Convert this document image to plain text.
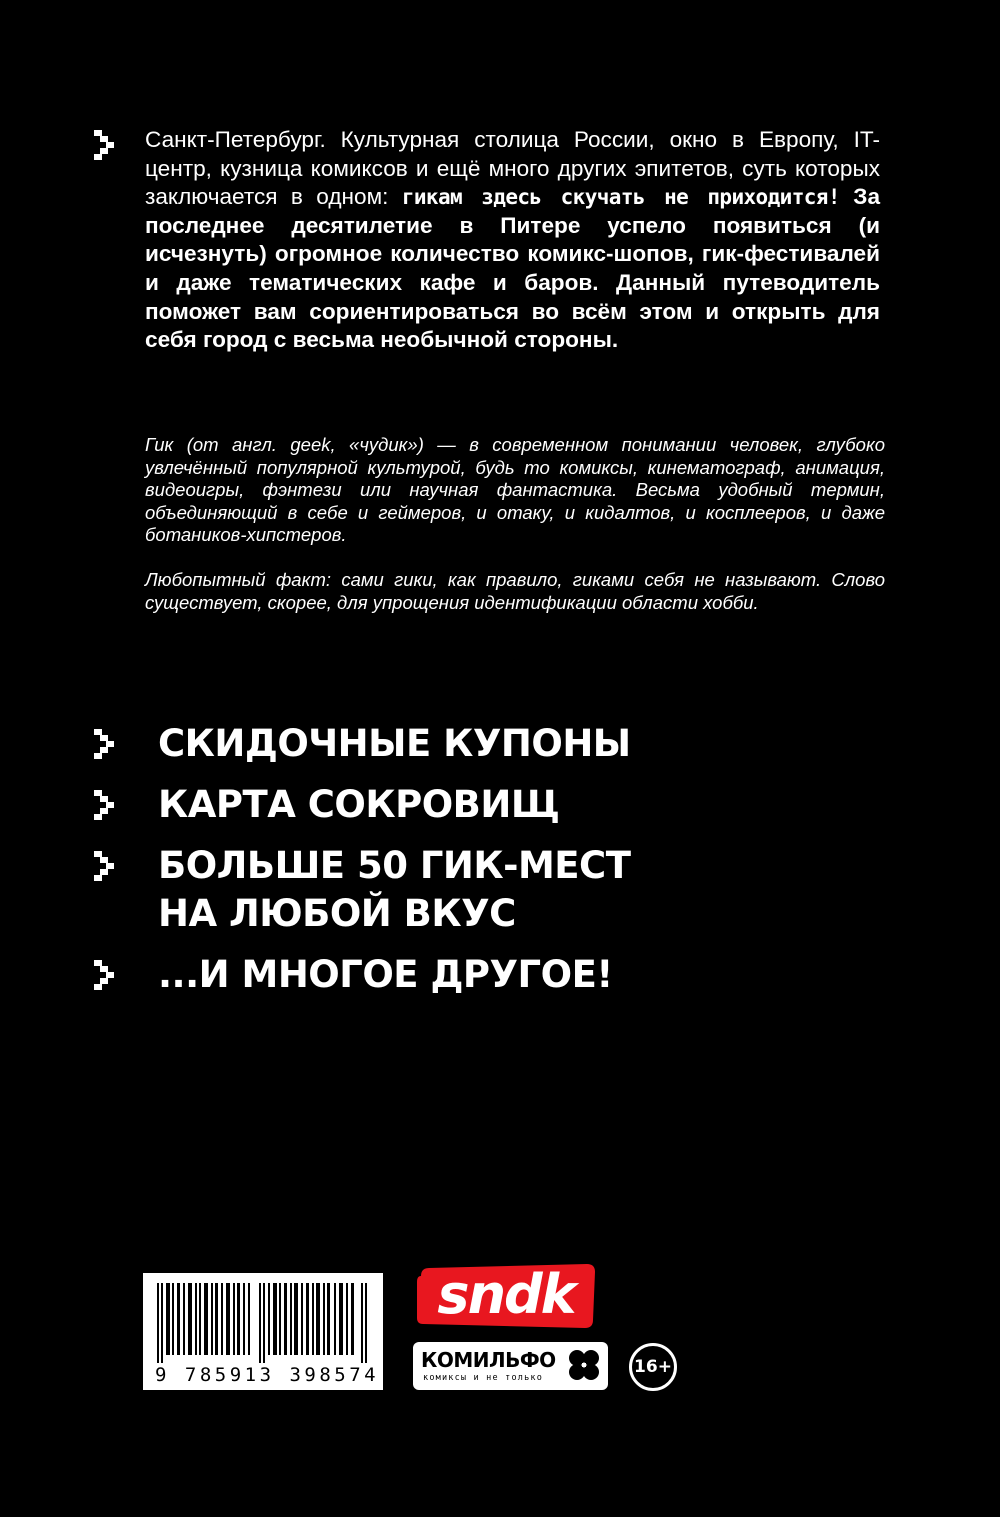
Санкт-Петербург. Культурная столица России, окно в Европу, IT-центр, кузница комиксов и ещё много других эпитетов, суть которых заключается в одном: гикам здесь скучать не приходится! За последнее десятилетие в Питере успело появиться (и исчезнуть) огромное количество комикс-шопов, гик-фестивалей и даже тематических кафе и баров. Данный путеводитель поможет вам сориентироваться во всём этом и открыть для себя город с весьма необычной стороны.
Гик (от англ. geek, «чудик») — в современном понимании человек, глубоко увлечённый популярной культурой, будь то комиксы, кинематограф, анимация, видеоигры, фэнтези или научная фантастика. Весьма удобный термин, объединяющий в себе и геймеров, и отаку, и кидалтов, и косплееров, и даже ботаников-хипстеров.
Любопытный факт: сами гики, как правило, гиками себя не называют. Слово существует, скорее, для упрощения идентификации области хобби.
СКИДОЧНЫЕ КУПОНЫ
КАРТА СОКРОВИЩ
БОЛЬШЕ 50 ГИК-МЕСТ
НА ЛЮБОЙ ВКУС
...И МНОГОЕ ДРУГОЕ!
9 785913 398574
sndk
КОМИЛЬФО
комиксы и не только
16+
